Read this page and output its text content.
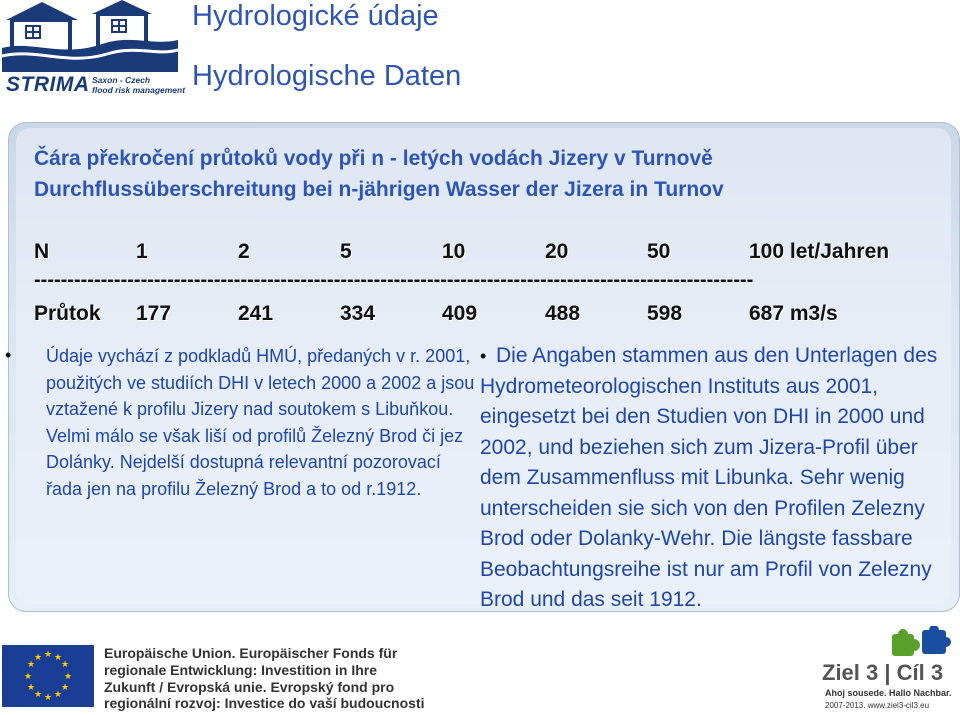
STRIMA Saxon - Czech
flood risk management
Hydrologické údaje
Hydrologische Daten
Čára překročení průtoků vody při n - letých vodách Jizery v Turnově
Durchflussüberschreitung bei n-jährigen Wasser der Jizera in Turnov
N	1	2	5	10	20	50	100 let/Jahren
------------------------------------------------------------------------------------------------------------
Průtok 177	241	334	409	488	598	687 m3/s
• Údaje vychází z podkladů HMÚ, předaných v r. 2001, použitých ve studiích DHI v letech 2000 a 2002 a jsou vztažené k profilu Jizery nad soutokem s Libuňkou. Velmi málo se však liší od profilů Železný Brod či jez Dolánky. Nejdelší dostupná relevantní pozorovací řada jen na profilu Železný Brod a to od r.1912.
• Die Angaben stammen aus den Unterlagen des Hydrometeorologischen Instituts aus 2001, eingesetzt bei den Studien von DHI in 2000 und 2002, und beziehen sich zum Jizera-Profil über dem Zusammenfluss mit Libunka. Sehr wenig unterscheiden sie sich von den Profilen Zelezny Brod oder Dolanky-Wehr. Die längste fassbare Beobachtungsreihe ist nur am Profil von Zelezny Brod und das seit 1912.
★ ★
★
★
★
★
★
★
★
★
★
★	Europäische Union. Europäischer Fonds für
regionale Entwicklung: Investition in Ihre
Zukunft / Evropská unie. Evropský fond pro
regionální rozvoj: Investice do vaší budoucnosti
Ziel 3 | Cíl 3
Ahoj sousede. Hallo Nachbar.
2007-2013. www.ziel3-cil3.eu
